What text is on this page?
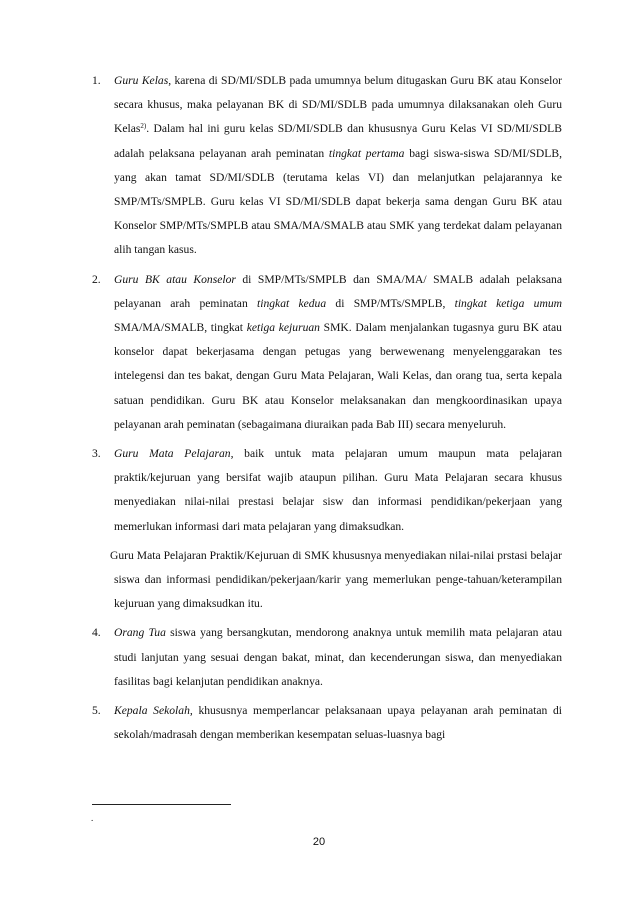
1. Guru Kelas, karena di SD/MI/SDLB pada umumnya belum ditugaskan Guru BK atau Konselor secara khusus, maka pelayanan BK di SD/MI/SDLB pada umumnya dilaksanakan oleh Guru Kelas$^{2)}$. Dalam hal ini guru kelas SD/MI/SDLB dan khususnya Guru Kelas VI SD/MI/SDLB adalah pelaksana pelayanan arah peminatan tingkat pertama bagi siswa-siswa SD/MI/SDLB, yang akan tamat SD/MI/SDLB (terutama kelas VI) dan melanjutkan pelajarannya ke SMP/MTs/SMPLB. Guru kelas VI SD/MI/SDLB dapat bekerja sama dengan Guru BK atau Konselor SMP/MTs/SMPLB atau SMA/MA/SMALB atau SMK yang terdekat dalam pelayanan alih tangan kasus.
2. Guru BK atau Konselor di SMP/MTs/SMPLB dan SMA/MA/ SMALB adalah pelaksana pelayanan arah peminatan tingkat kedua di SMP/MTs/SMPLB, tingkat ketiga umum SMA/MA/SMALB, tingkat ketiga kejuruan SMK. Dalam menjalankan tugasnya guru BK atau konselor dapat bekerjasama dengan petugas yang berwewenang menyelenggarakan tes intelegensi dan tes bakat, dengan Guru Mata Pelajaran, Wali Kelas, dan orang tua, serta kepala satuan pendidikan. Guru BK atau Konselor melaksanakan dan mengkoordinasikan upaya pelayanan arah peminatan (sebagaimana diuraikan pada Bab III) secara menyeluruh.
3. Guru Mata Pelajaran, baik untuk mata pelajaran umum maupun mata pelajaran praktik/kejuruan yang bersifat wajib ataupun pilihan. Guru Mata Pelajaran secara khusus menyediakan nilai-nilai prestasi belajar sisw dan informasi pendidikan/pekerjaan yang memerlukan informasi dari mata pelajaran yang dimaksudkan.
Guru Mata Pelajaran Praktik/Kejuruan di SMK khususnya menyediakan nilai-nilai prstasi belajar siswa dan informasi pendidikan/pekerjaan/karir yang memerlukan penge-tahuan/keterampilan kejuruan yang dimaksudkan itu.
4. Orang Tua siswa yang bersangkutan, mendorong anaknya untuk memilih mata pelajaran atau studi lanjutan yang sesuai dengan bakat, minat, dan kecenderungan siswa, dan menyediakan fasilitas bagi kelanjutan pendidikan anaknya.
5. Kepala Sekolah, khususnya memperlancar pelaksanaan upaya pelayanan arah peminatan di sekolah/madrasah dengan memberikan kesempatan seluas-luasnya bagi
.
20
